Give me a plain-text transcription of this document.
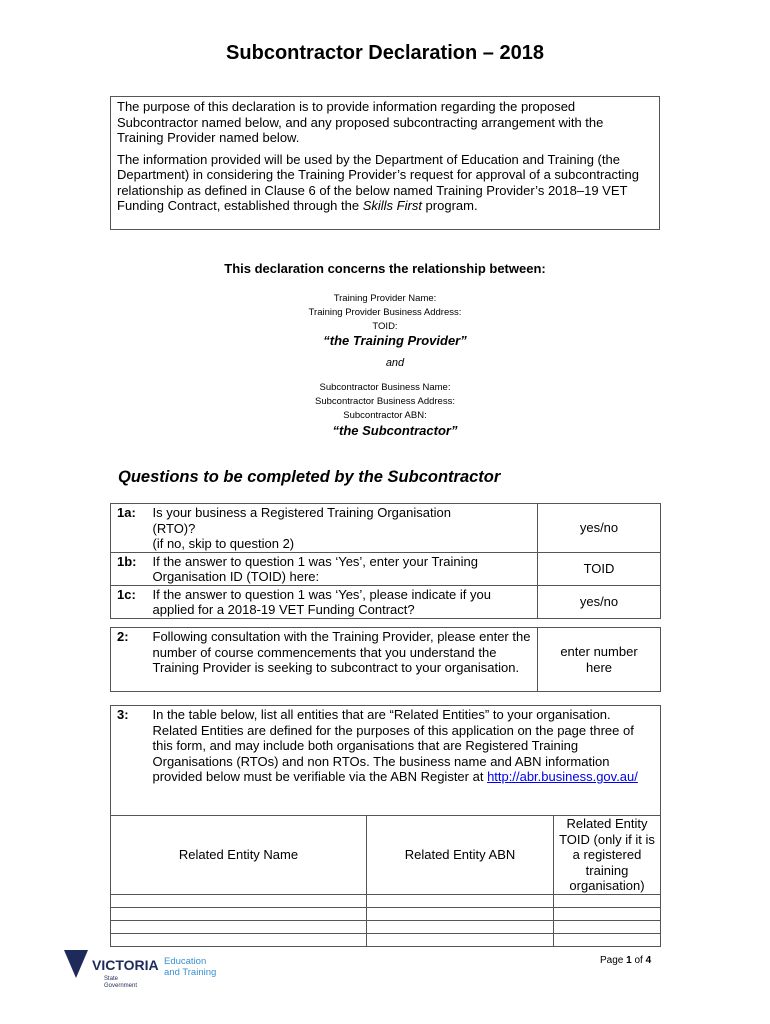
Subcontractor Declaration – 2018

The purpose of this declaration is to provide information regarding the proposed Subcontractor named below, and any proposed subcontracting arrangement with the Training Provider named below.

The information provided will be used by the Department of Education and Training (the Department) in considering the Training Provider’s request for approval of a subcontracting relationship as defined in Clause 6 of the below named Training Provider’s 2018–19 VET Funding Contract, established through the Skills First program.

This declaration concerns the relationship between:
Training Provider Name:
Training Provider Business Address:
TOID:
“the Training Provider”
and
Subcontractor Business Name:
Subcontractor Business Address:
Subcontractor ABN:
“the Subcontractor”
Questions to be completed by the Subcontractor
1a:	Is your business a Registered Training Organisation
(RTO)?
(if no, skip to question 2)	yes/no
1b:	If the answer to question 1 was ‘Yes’, enter your Training Organisation ID (TOID) here:	TOID
1c:	If the answer to question 1 was ‘Yes’, please indicate if you applied for a 2018-19 VET Funding Contract?	yes/no
2:	Following consultation with the Training Provider, please enter the number of course commencements that you understand the Training Provider is seeking to subcontract to your organisation.	enter number here
3:	In the table below, list all entities that are “Related Entities” to your organisation. Related Entities are defined for the purposes of this application on the page three of this form, and may include both organisations that are Registered Training Organisations (RTOs) and non RTOs. The business name and ABN information provided below must be verifiable via the ABN Register at http://abr.business.gov.au/		
Related Entity Name		Related Entity ABN	Related Entity TOID (only if it is a registered training organisation)

VICTORIA
State
Government
Education
and Training
Page 1 of 4
